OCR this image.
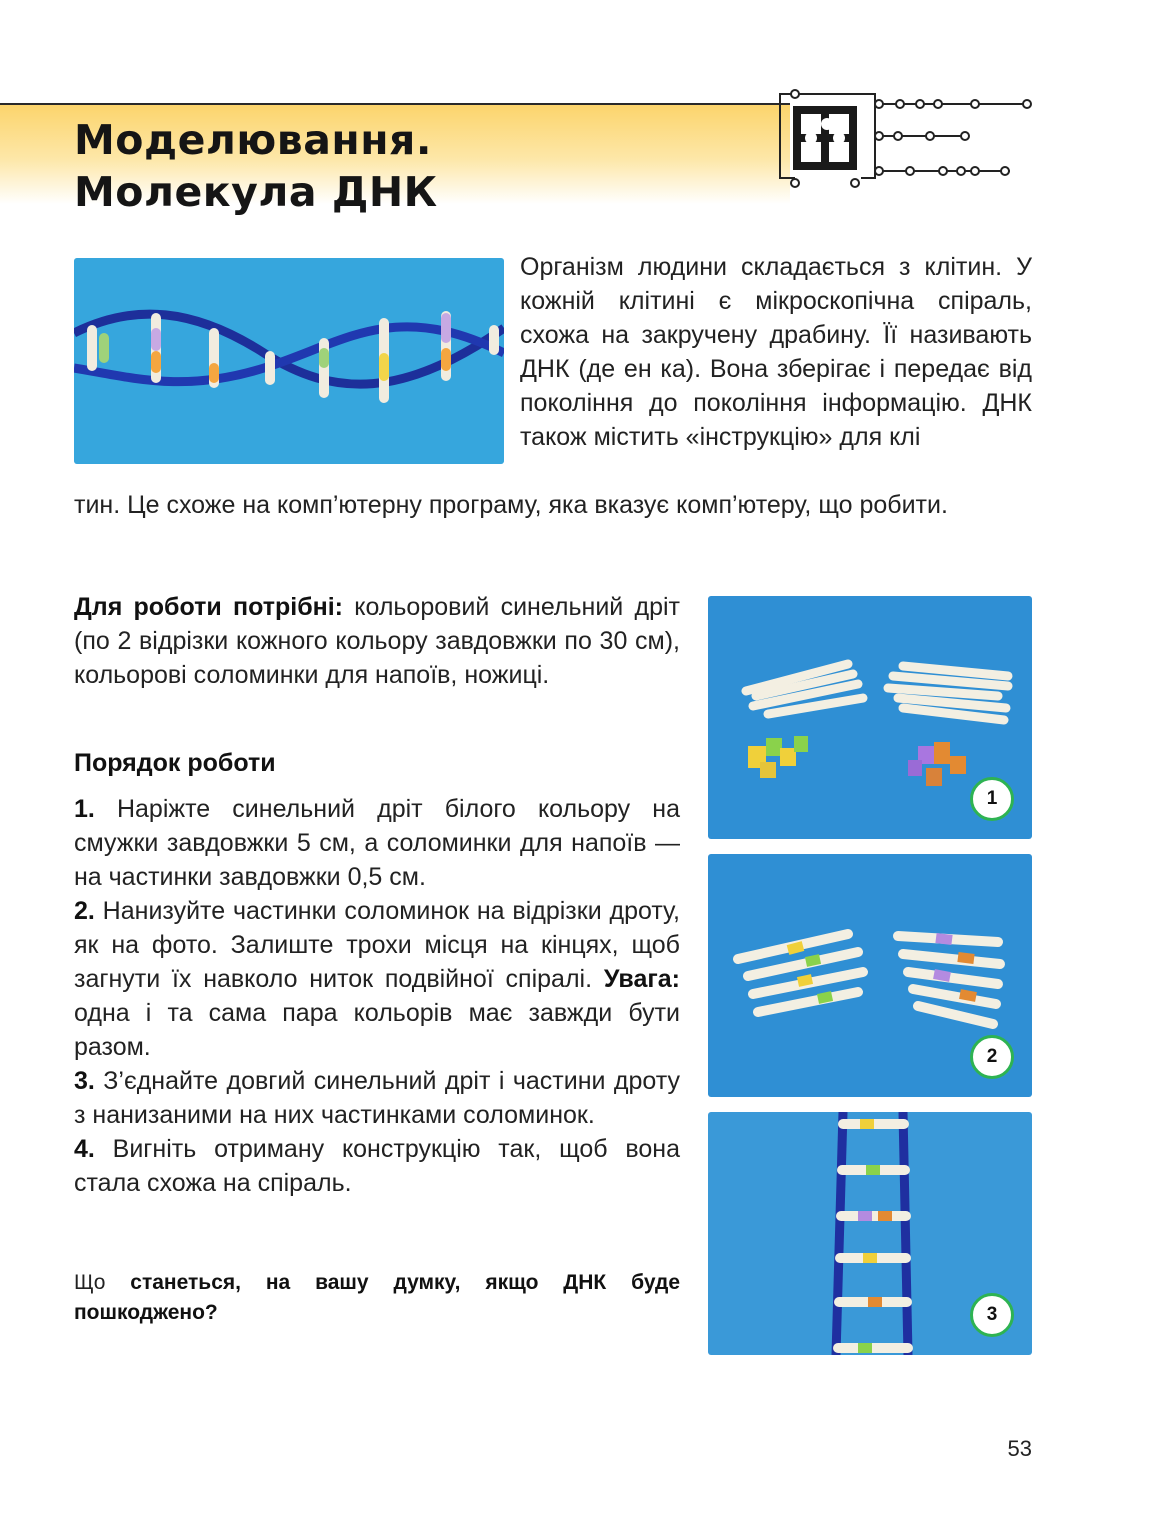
Моделювання.
Молекула ДНК

Організм людини складається з клітин. У кожній клітині є мікроскопічна спіраль, схожа на закручену драбину. Її називають ДНК (де ен ка). Вона зберігає і передає від покоління до покоління інформацію. ДНК також містить «інструкцію» для клі

тин. Це схоже на комп’ютерну програму, яка вказує комп’ютеру, що робити.

Для роботи потрібні: кольоровий синельний дріт (по 2 відрізки кожного кольору завдовжки по 30 см), кольорові соломинки для напоїв, ножиці.

Порядок роботи

1. Наріжте синельний дріт білого кольору на смужки завдовжки 5 см, а соломинки для напоїв — на частинки завдовжки 0,5 см.

2. Нанизуйте частинки соломинок на відрізки дроту, як на фото. Залиште трохи місця на кінцях, щоб загнути їх навколо ниток подвійної спіралі. Увага: одна і та сама пара кольорів має завжди бути разом.

3. З’єднайте довгий синельний дріт і частини дроту з нанизаними на них частинками соломинок.

4. Вигніть отриману конструкцію так, щоб вона стала схожа на спіраль.

Що станеться, на вашу думку, якщо ДНК буде пошкоджено?

1
2
3
53
